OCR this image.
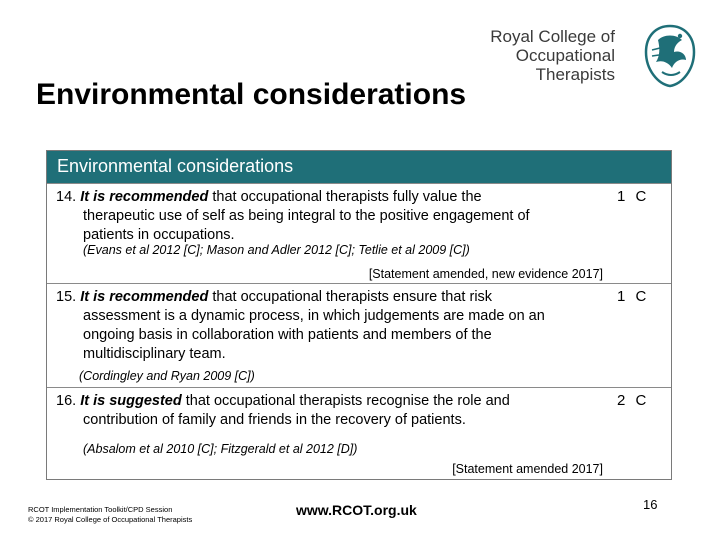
Royal College of
Occupational
Therapists
Environmental considerations
Environmental considerations
14. It is recommended that occupational therapists fully value the
therapeutic use of self as being integral to the positive engagement of
patients in occupations.
1 C
(Evans et al 2012 [C]; Mason and Adler 2012 [C]; Tetlie et al 2009 [C])
[Statement amended, new evidence 2017]
15. It is recommended that occupational therapists ensure that risk
assessment is a dynamic process, in which judgements are made on an
ongoing basis in collaboration with patients and members of the
multidisciplinary team.
1 C
(Cordingley and Ryan 2009 [C])
16. It is suggested that occupational therapists recognise the role and
contribution of family and friends in the recovery of patients.
2 C
(Absalom et al 2010 [C]; Fitzgerald et al 2012 [D])
[Statement amended 2017]
RCOT Implementation Toolkit/CPD Session
© 2017 Royal College of Occupational Therapists
www.RCOT.org.uk	16
